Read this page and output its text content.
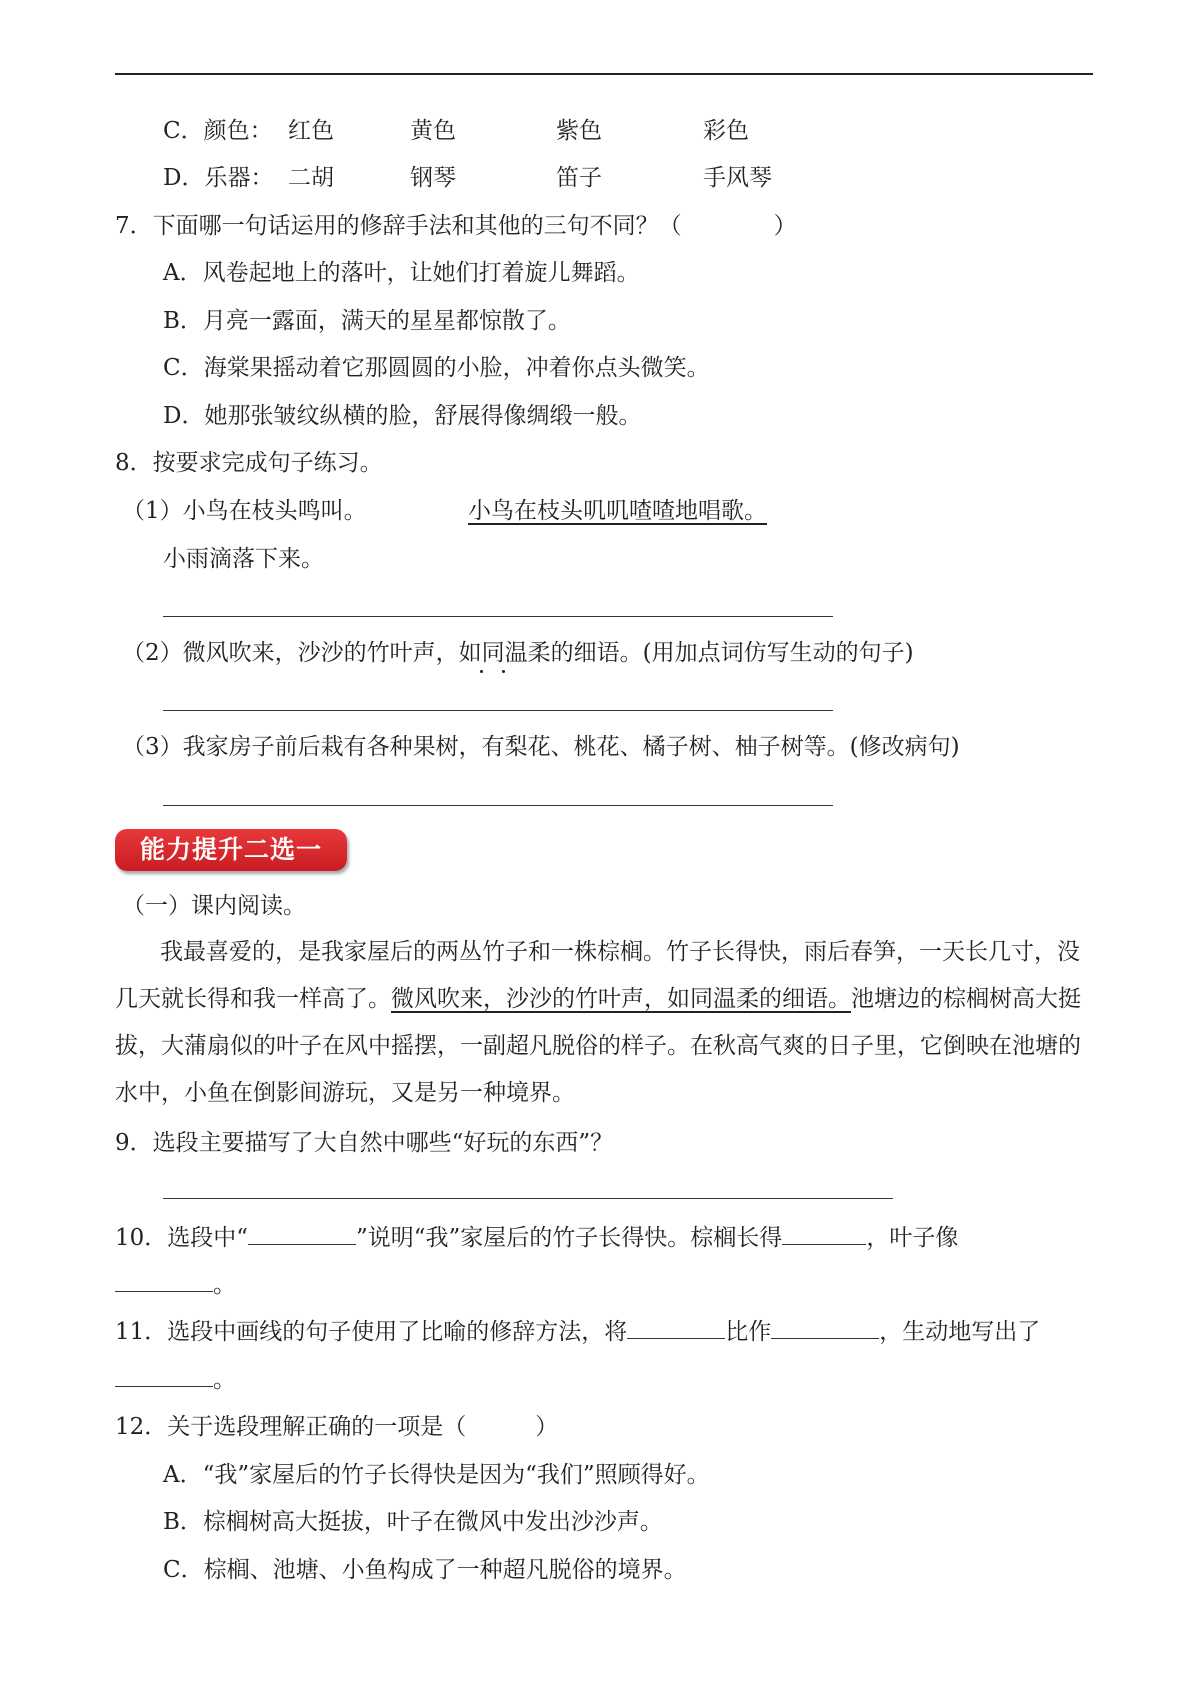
C．颜色： 红色	黄色	紫色	彩色
D．乐器： 二胡	钢琴	笛子	手风琴
7．下面哪一句话运用的修辞手法和其他的三句不同？（　　　　）
A．风卷起地上的落叶，让她们打着旋儿舞蹈。
B．月亮一露面，满天的星星都惊散了。
C．海棠果摇动着它那圆圆的小脸，冲着你点头微笑。
D．她那张皱纹纵横的脸，舒展得像绸缎一般。
8．按要求完成句子练习。
（1）小鸟在枝头鸣叫。	小鸟在枝头叽叽喳喳地唱歌。
小雨滴落下来。
（2）微风吹来，沙沙的竹叶声，如同温柔的细语。(用加点词仿写生动的句子)
（3）我家房子前后栽有各种果树，有梨花、桃花、橘子树、柚子树等。(修改病句)
能力提升二选一
（一）课内阅读。
我最喜爱的，是我家屋后的两丛竹子和一株棕榈。竹子长得快，雨后春笋，一天长几寸，没几天就长得和我一样高了。微风吹来，沙沙的竹叶声，如同温柔的细语。池塘边的棕榈树高大挺拔，大蒲扇似的叶子在风中摇摆，一副超凡脱俗的样子。在秋高气爽的日子里，它倒映在池塘的水中，小鱼在倒影间游玩，又是另一种境界。
9．选段主要描写了大自然中哪些“好玩的东西”？
10．选段中“	”说明“我”家屋后的竹子长得快。棕榈长得	，叶子像
。
11．选段中画线的句子使用了比喻的修辞方法，将	比作	，生动地写出了
。
12．关于选段理解正确的一项是（　　　）
A．“我”家屋后的竹子长得快是因为“我们”照顾得好。
B．棕榈树高大挺拔，叶子在微风中发出沙沙声。
C．棕榈、池塘、小鱼构成了一种超凡脱俗的境界。
